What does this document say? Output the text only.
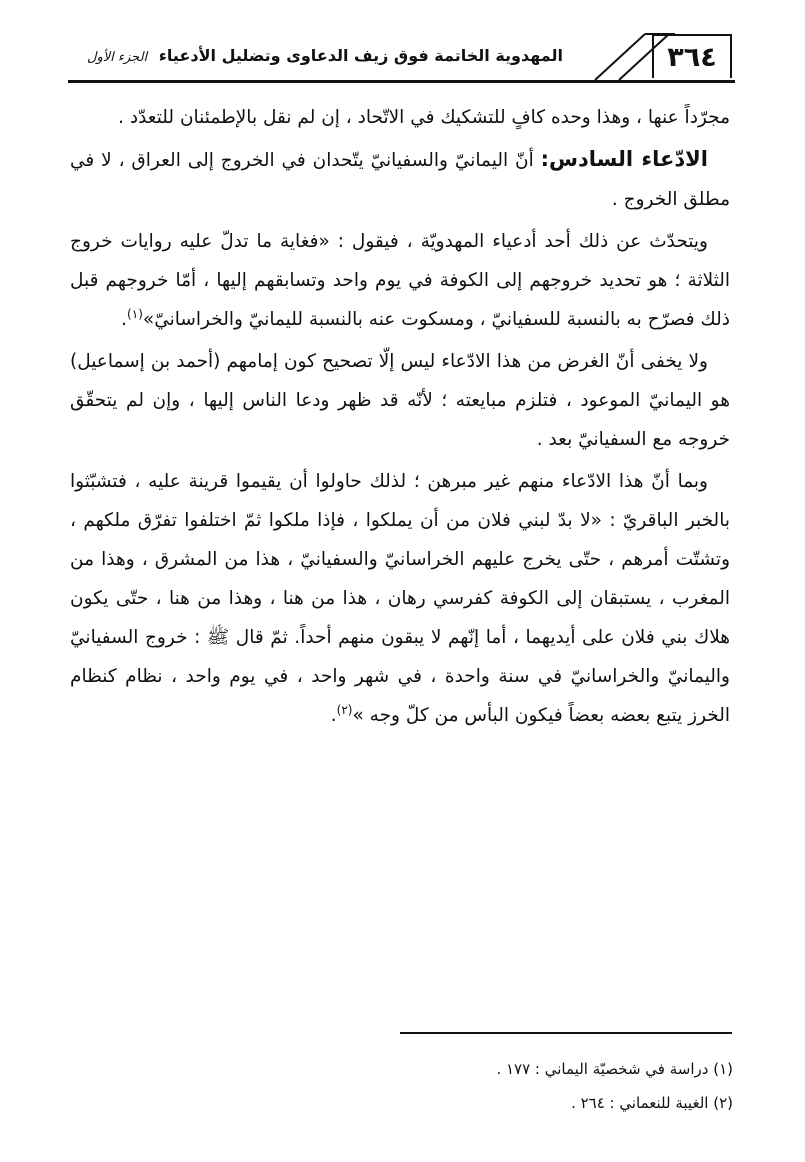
٣٦٤
المهدوية الخاتمة فوق زيف الدعاوى وتضليل الأدعياء الجزء الأول

مجرّداً عنها ، وهذا وحده كافٍ للتشكيك في الاتّحاد ، إن لم نقل بالإطمئنان للتعدّد .

الادّعاء السادس: أنّ اليمانيّ والسفيانيّ يتّحدان في الخروج إلى العراق ، لا في مطلق الخروج .

ويتحدّث عن ذلك أحد أدعياء المهدويّة ، فيقول : «فغاية ما تدلّ عليه روايات خروج الثلاثة ؛ هو تحديد خروجهم إلى الكوفة في يوم واحد وتسابقهم إليها ، أمّا خروجهم قبل ذلك فصرّح به بالنسبة للسفيانيّ ، ومسكوت عنه بالنسبة لليمانيّ والخراسانيّ»$^{(١)}$.

ولا يخفى أنّ الغرض من هذا الادّعاء ليس إلّا تصحيح كون إمامهم (أحمد بن إسماعيل) هو اليمانيّ الموعود ، فتلزم مبايعته ؛ لأنّه قد ظهر ودعا الناس إليها ، وإن لم يتحقّق خروجه مع السفيانيّ بعد .

وبما أنّ هذا الادّعاء منهم غير مبرهن ؛ لذلك حاولوا أن يقيموا قرينة عليه ، فتشبّثوا بالخبر الباقريّ : «لا بدّ لبني فلان من أن يملكوا ، فإذا ملكوا ثمّ اختلفوا تفرّق ملكهم ، وتشتّت أمرهم ، حتّى يخرج عليهم الخراسانيّ والسفيانيّ ، هذا من المشرق ، وهذا من المغرب ، يستبقان إلى الكوفة كفرسي رهان ، هذا من هنا ، وهذا من هنا ، حتّى يكون هلاك بني فلان على أيديهما ، أما إنّهم لا يبقون منهم أحداً. ثمّ قال ﷺ : خروج السفيانيّ واليمانيّ والخراسانيّ في سنة واحدة ، في شهر واحد ، في يوم واحد ، نظام كنظام الخرز يتبع بعضه بعضاً فيكون البأس من كلّ وجه »$^{(٢)}$.

(١) دراسة في شخصيّة اليماني : ١٧٧ .
(٢) الغيبة للنعماني : ٢٦٤ .
